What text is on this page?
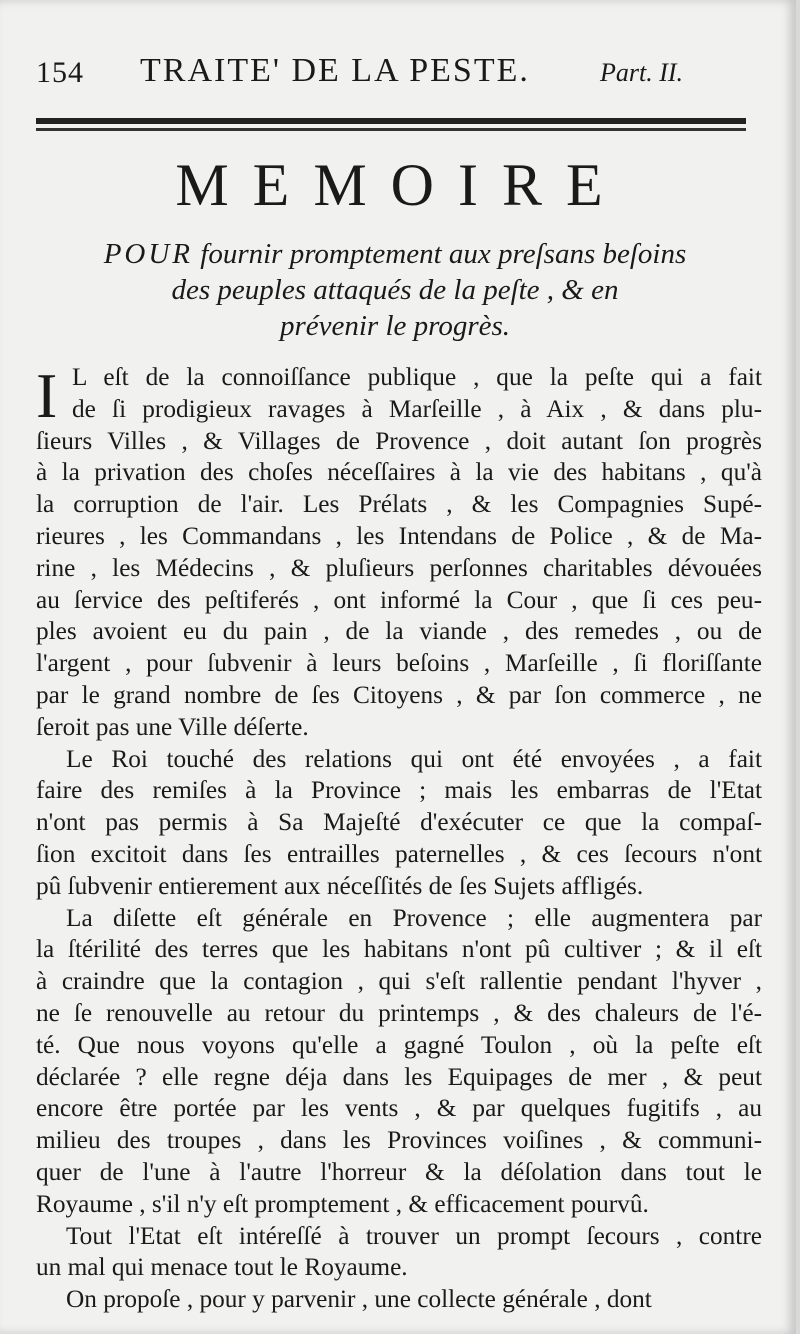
154 TRAITE' DE LA PESTE.	Part. II.
MEMOIRE
POUR fournir promptement aux preſsans beſoins
des peuples attaqués de la peſte , & en
prévenir le progrès.
I L eſt de la connoiſſance publique , que la peſte qui a fait
de ſi prodigieux ravages à Marſeille , à Aix , & dans plu-
ſieurs Villes , & Villages de Provence , doit autant ſon progrès
à la privation des choſes néceſſaires à la vie des habitans , qu'à
la corruption de l'air. Les Prélats , & les Compagnies Supé-
rieures , les Commandans , les Intendans de Police , & de Ma-
rine , les Médecins , & pluſieurs perſonnes charitables dévouées
au ſervice des peſtiferés , ont informé la Cour , que ſi ces peu-
ples avoient eu du pain , de la viande , des remedes , ou de
l'argent , pour ſubvenir à leurs beſoins , Marſeille , ſi floriſſante
par le grand nombre de ſes Citoyens , & par ſon commerce , ne
ſeroit pas une Ville déſerte.
Le Roi touché des relations qui ont été envoyées , a fait
faire des remiſes à la Province ; mais les embarras de l'Etat
n'ont pas permis à Sa Majeſté d'exécuter ce que la compaſ-
ſion excitoit dans ſes entrailles paternelles , & ces ſecours n'ont
pû ſubvenir entierement aux néceſſités de ſes Sujets affligés.
La diſette eſt générale en Provence ; elle augmentera par
la ſtérilité des terres que les habitans n'ont pû cultiver ; & il eſt
à craindre que la contagion , qui s'eſt rallentie pendant l'hyver ,
ne ſe renouvelle au retour du printemps , & des chaleurs de l'é-
té. Que nous voyons qu'elle a gagné Toulon , où la peſte eſt
déclarée ? elle regne déja dans les Equipages de mer , & peut
encore être portée par les vents , & par quelques fugitifs , au
milieu des troupes , dans les Provinces voiſines , & communi-
quer de l'une à l'autre l'horreur & la déſolation dans tout le
Royaume , s'il n'y eſt promptement , & efficacement pourvû.
Tout l'Etat eſt intéreſſé à trouver un prompt ſecours , contre
un mal qui menace tout le Royaume.
On propoſe , pour y parvenir , une collecte générale , dont
